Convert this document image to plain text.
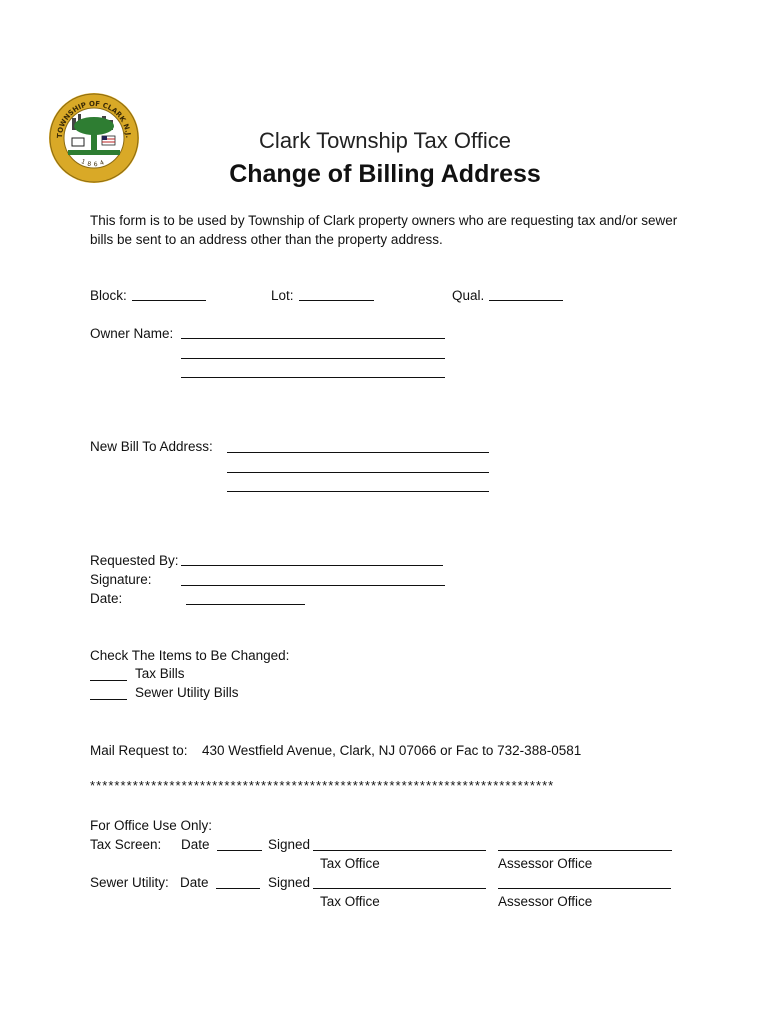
TOWNSHIP OF CLARK N.J.
1864
Clark Township Tax Office
Change of Billing Address
This form is to be used by Township of Clark property owners who are requesting tax and/or sewer bills be sent to an address other than the property address.
Block:	Lot:	Qual.
Owner Name:
New Bill To Address:
Requested By:
Signature:
Date:
Check The Items to Be Changed:
Tax Bills
Sewer Utility Bills
Mail Request to: 430 Westfield Avenue, Clark, NJ 07066 or Fac to 732-388-0581
****************************************************************************
For Office Use Only:
Tax Screen: Date	Signed
Tax Office	Assessor Office
Sewer Utility: Date	Signed
Tax Office	Assessor Office
